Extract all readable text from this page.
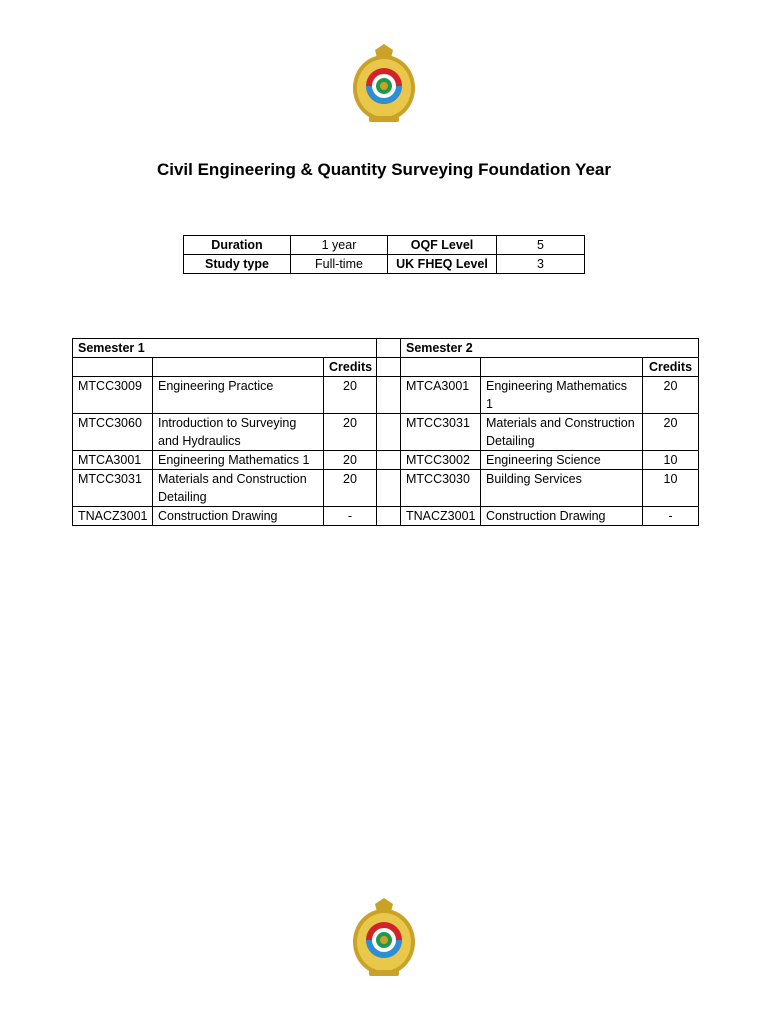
Civil Engineering & Quantity Surveying Foundation Year
Duration	1 year	OQF Level	5
Study type	Full-time	UK FHEQ Level	3
Semester 1				Semester 2		
		Credits				Credits
MTCC3009	Engineering Practice	20		MTCA3001	Engineering Mathematics 1	20
MTCC3060	Introduction to Surveying and Hydraulics	20		MTCC3031	Materials and Construction Detailing	20
MTCA3001	Engineering Mathematics 1	20		MTCC3002	Engineering Science	10
MTCC3031	Materials and Construction Detailing	20		MTCC3030	Building Services	10
TNACZ3001	Construction Drawing	-		TNACZ3001	Construction Drawing	-
